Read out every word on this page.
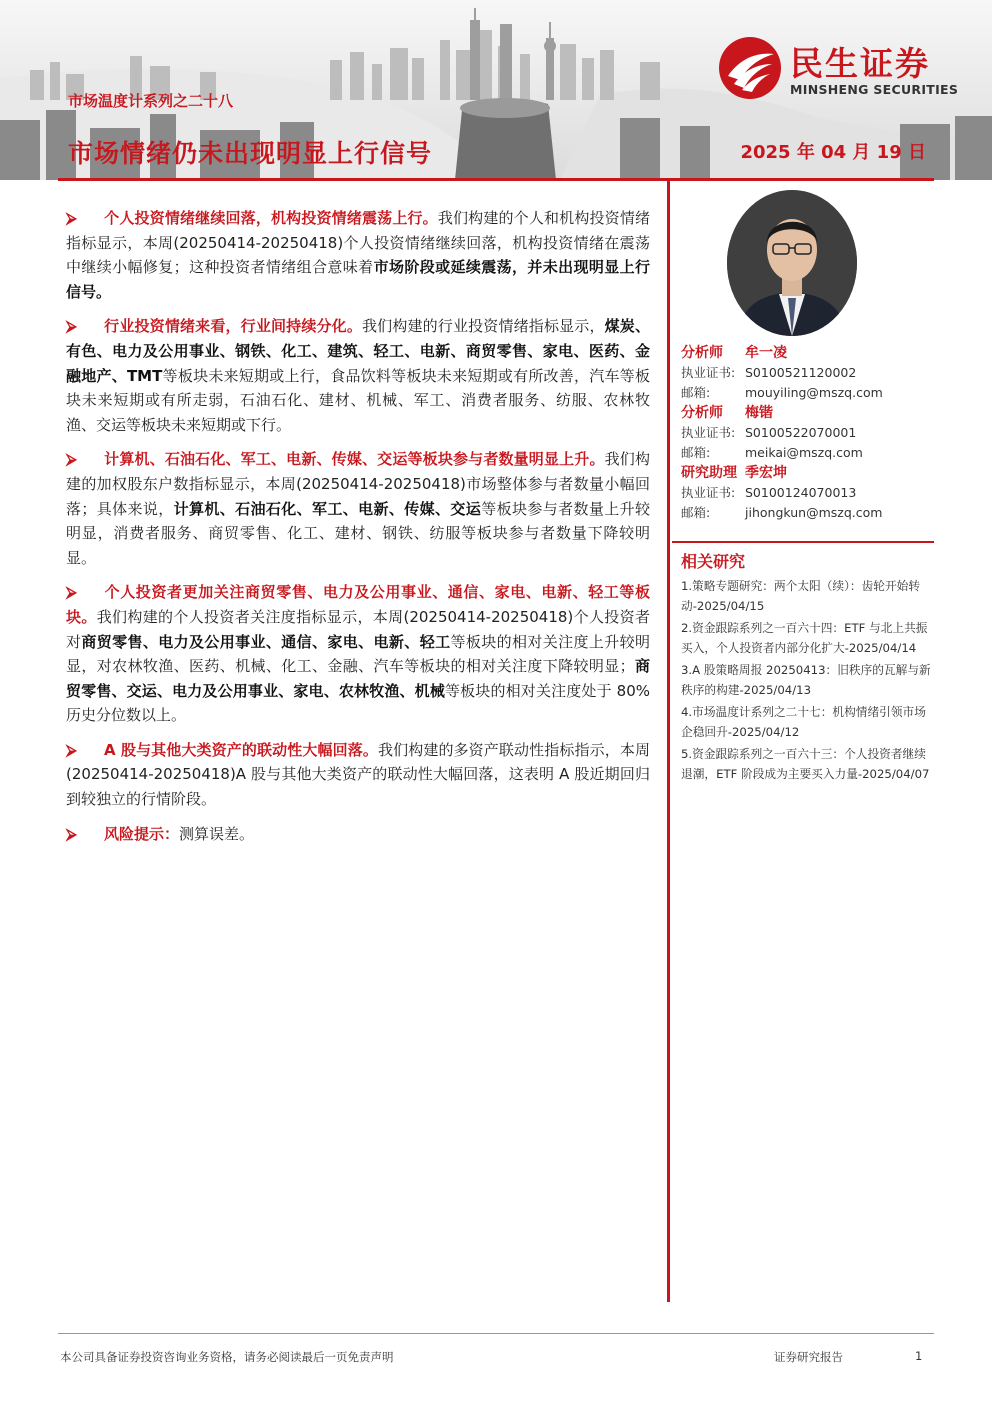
市场温度计系列之二十八
市场情绪仍未出现明显上行信号	2025 年 04 月 19 日
民生证券
MINSHENG SECURITIES

⮚ 个人投资情绪继续回落，机构投资情绪震荡上行。我们构建的个人和机构投资情绪指标显示，本周(20250414-20250418)个人投资情绪继续回落，机构投资情绪在震荡中继续小幅修复；这种投资者情绪组合意味着市场阶段或延续震荡，并未出现明显上行信号。

⮚ 行业投资情绪来看，行业间持续分化。我们构建的行业投资情绪指标显示，煤炭、有色、电力及公用事业、钢铁、化工、建筑、轻工、电新、商贸零售、家电、医药、金融地产、TMT等板块未来短期或上行，食品饮料等板块未来短期或有所改善，汽车等板块未来短期或有所走弱，石油石化、建材、机械、军工、消费者服务、纺服、农林牧渔、交运等板块未来短期或下行。

⮚ 计算机、石油石化、军工、电新、传媒、交运等板块参与者数量明显上升。我们构建的加权股东户数指标显示，本周(20250414-20250418)市场整体参与者数量小幅回落；具体来说，计算机、石油石化、军工、电新、传媒、交运等板块参与者数量上升较明显，消费者服务、商贸零售、化工、建材、钢铁、纺服等板块参与者数量下降较明显。

⮚ 个人投资者更加关注商贸零售、电力及公用事业、通信、家电、电新、轻工等板块。我们构建的个人投资者关注度指标显示，本周(20250414-20250418)个人投资者对商贸零售、电力及公用事业、通信、家电、电新、轻工等板块的相对关注度上升较明显，对农林牧渔、医药、机械、化工、金融、汽车等板块的相对关注度下降较明显；商贸零售、交运、电力及公用事业、家电、农林牧渔、机械等板块的相对关注度处于 80%历史分位数以上。

⮚ A 股与其他大类资产的联动性大幅回落。我们构建的多资产联动性指标指示，本周(20250414-20250418)A 股与其他大类资产的联动性大幅回落，这表明 A 股近期回归到较独立的行情阶段。

⮚ 风险提示：测算误差。

分析师 牟一凌
执业证书: S0100521120002
邮箱:	mouyiling@mszq.com
分析师 梅锴
执业证书: S0100522070001
邮箱:	meikai@mszq.com
研究助理 季宏坤
执业证书: S0100124070013
邮箱:	jihongkun@mszq.com
相关研究
1.策略专题研究：两个太阳（续）：齿轮开始转动-2025/04/15
2.资金跟踪系列之一百六十四：ETF 与北上共振买入，个人投资者内部分化扩大-2025/04/14
3.A 股策略周报 20250413：旧秩序的瓦解与新秩序的构建-2025/04/13
4.市场温度计系列之二十七：机构情绪引领市场企稳回升-2025/04/12
5.资金跟踪系列之一百六十三：个人投资者继续退潮，ETF 阶段成为主要买入力量-2025/04/07
本公司具备证券投资咨询业务资格，请务必阅读最后一页免责声明	证券研究报告	1
